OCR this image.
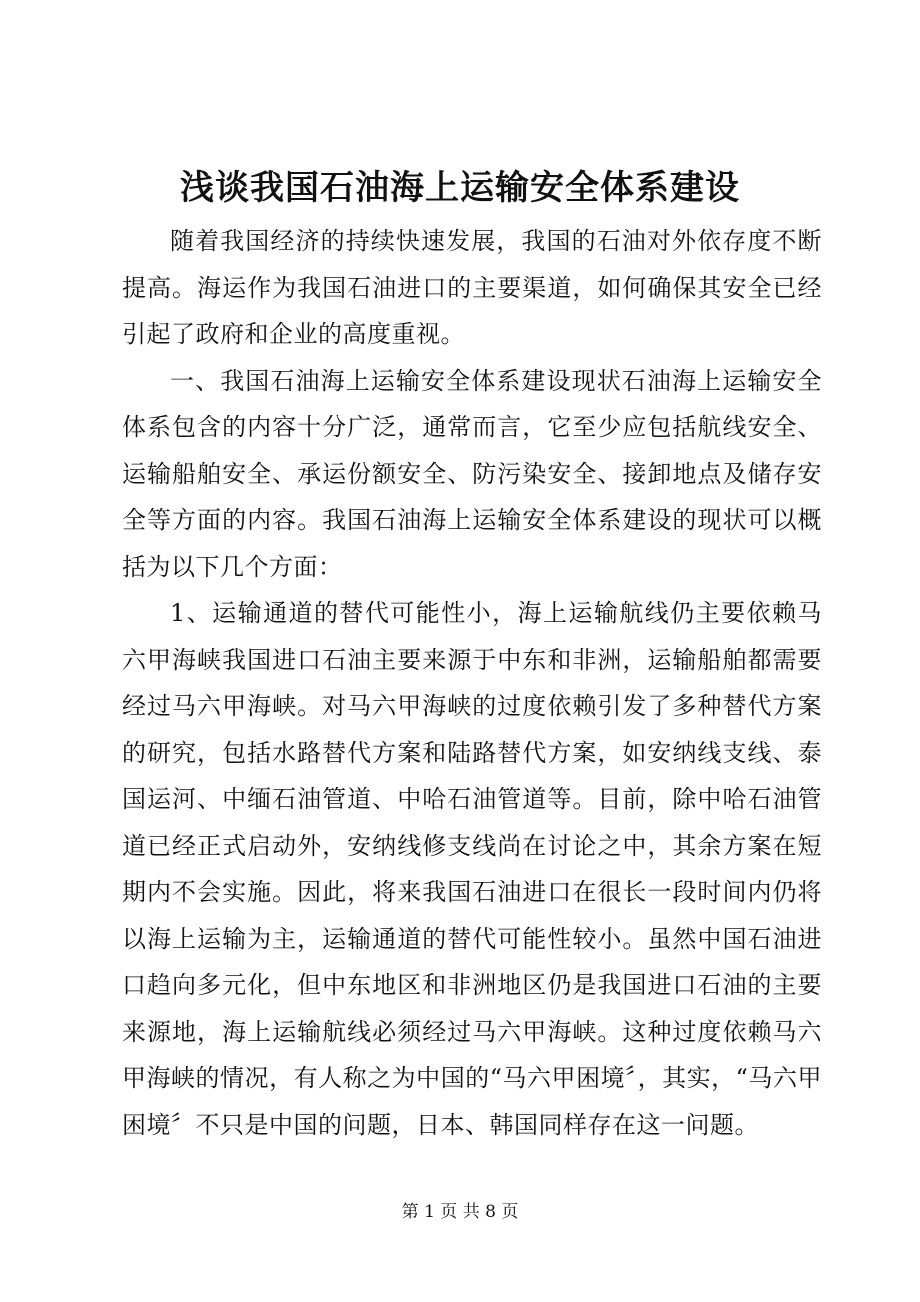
浅谈我国石油海上运输安全体系建设

随着我国经济的持续快速发展，我国的石油对外依存度不断提高。海运作为我国石油进口的主要渠道，如何确保其安全已经引起了政府和企业的高度重视。

一、我国石油海上运输安全体系建设现状石油海上运输安全体系包含的内容十分广泛，通常而言，它至少应包括航线安全、运输船舶安全、承运份额安全、防污染安全、接卸地点及储存安全等方面的内容。我国石油海上运输安全体系建设的现状可以概括为以下几个方面：

1、运输通道的替代可能性小，海上运输航线仍主要依赖马六甲海峡我国进口石油主要来源于中东和非洲，运输船舶都需要经过马六甲海峡。对马六甲海峡的过度依赖引发了多种替代方案的研究，包括水路替代方案和陆路替代方案，如安纳线支线、泰国运河、中缅石油管道、中哈石油管道等。目前，除中哈石油管道已经正式启动外，安纳线修支线尚在讨论之中，其余方案在短期内不会实施。因此，将来我国石油进口在很长一段时间内仍将以海上运输为主，运输通道的替代可能性较小。虽然中国石油进口趋向多元化，但中东地区和非洲地区仍是我国进口石油的主要来源地，海上运输航线必须经过马六甲海峡。这种过度依赖马六甲海峡的情况，有人称之为中国的“马六甲困境〞，其实，“马六甲困境〞不只是中国的问题，日本、韩国同样存在这一问题。

第 1 页 共 8 页
